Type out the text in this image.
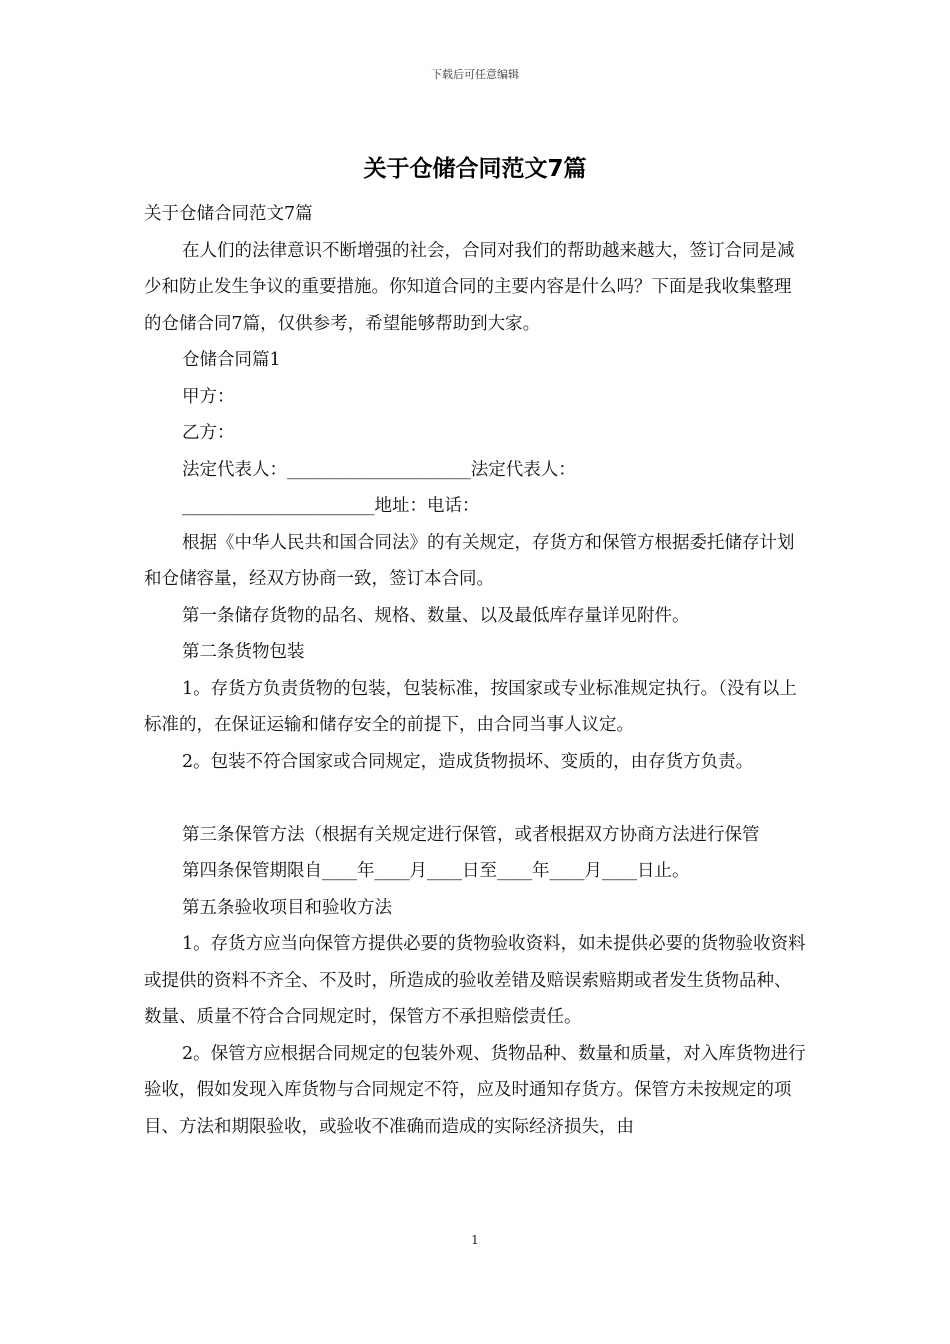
下载后可任意编辑
关于仓储合同范文7篇

关于仓储合同范文7篇

在人们的法律意识不断增强的社会，合同对我们的帮助越来越大，签订合同是减少和防止发生争议的重要措施。你知道合同的主要内容是什么吗？下面是我收集整理的仓储合同7篇，仅供参考，希望能够帮助到大家。

仓储合同篇1

甲方：

乙方：

法定代表人：_____________________法定代表人：

______________________地址：电话：

根据《中华人民共和国合同法》的有关规定，存货方和保管方根据委托储存计划和仓储容量，经双方协商一致，签订本合同。

第一条储存货物的品名、规格、数量、以及最低库存量详见附件。

第二条货物包装

1。存货方负责货物的包装，包装标准，按国家或专业标准规定执行。（没有以上标准的，在保证运输和储存安全的前提下，由合同当事人议定。

2。包装不符合国家或合同规定，造成货物损坏、变质的，由存货方负责。

第三条保管方法（根据有关规定进行保管，或者根据双方协商方法进行保管

第四条保管期限自____年____月____日至____年____月____日止。

第五条验收项目和验收方法

1。存货方应当向保管方提供必要的货物验收资料，如未提供必要的货物验收资料或提供的资料不齐全、不及时，所造成的验收差错及赔误索赔期或者发生货物品种、数量、质量不符合合同规定时，保管方不承担赔偿责任。

2。保管方应根据合同规定的包装外观、货物品种、数量和质量，对入库货物进行验收，假如发现入库货物与合同规定不符，应及时通知存货方。保管方未按规定的项目、方法和期限验收，或验收不准确而造成的实际经济损失，由

1
